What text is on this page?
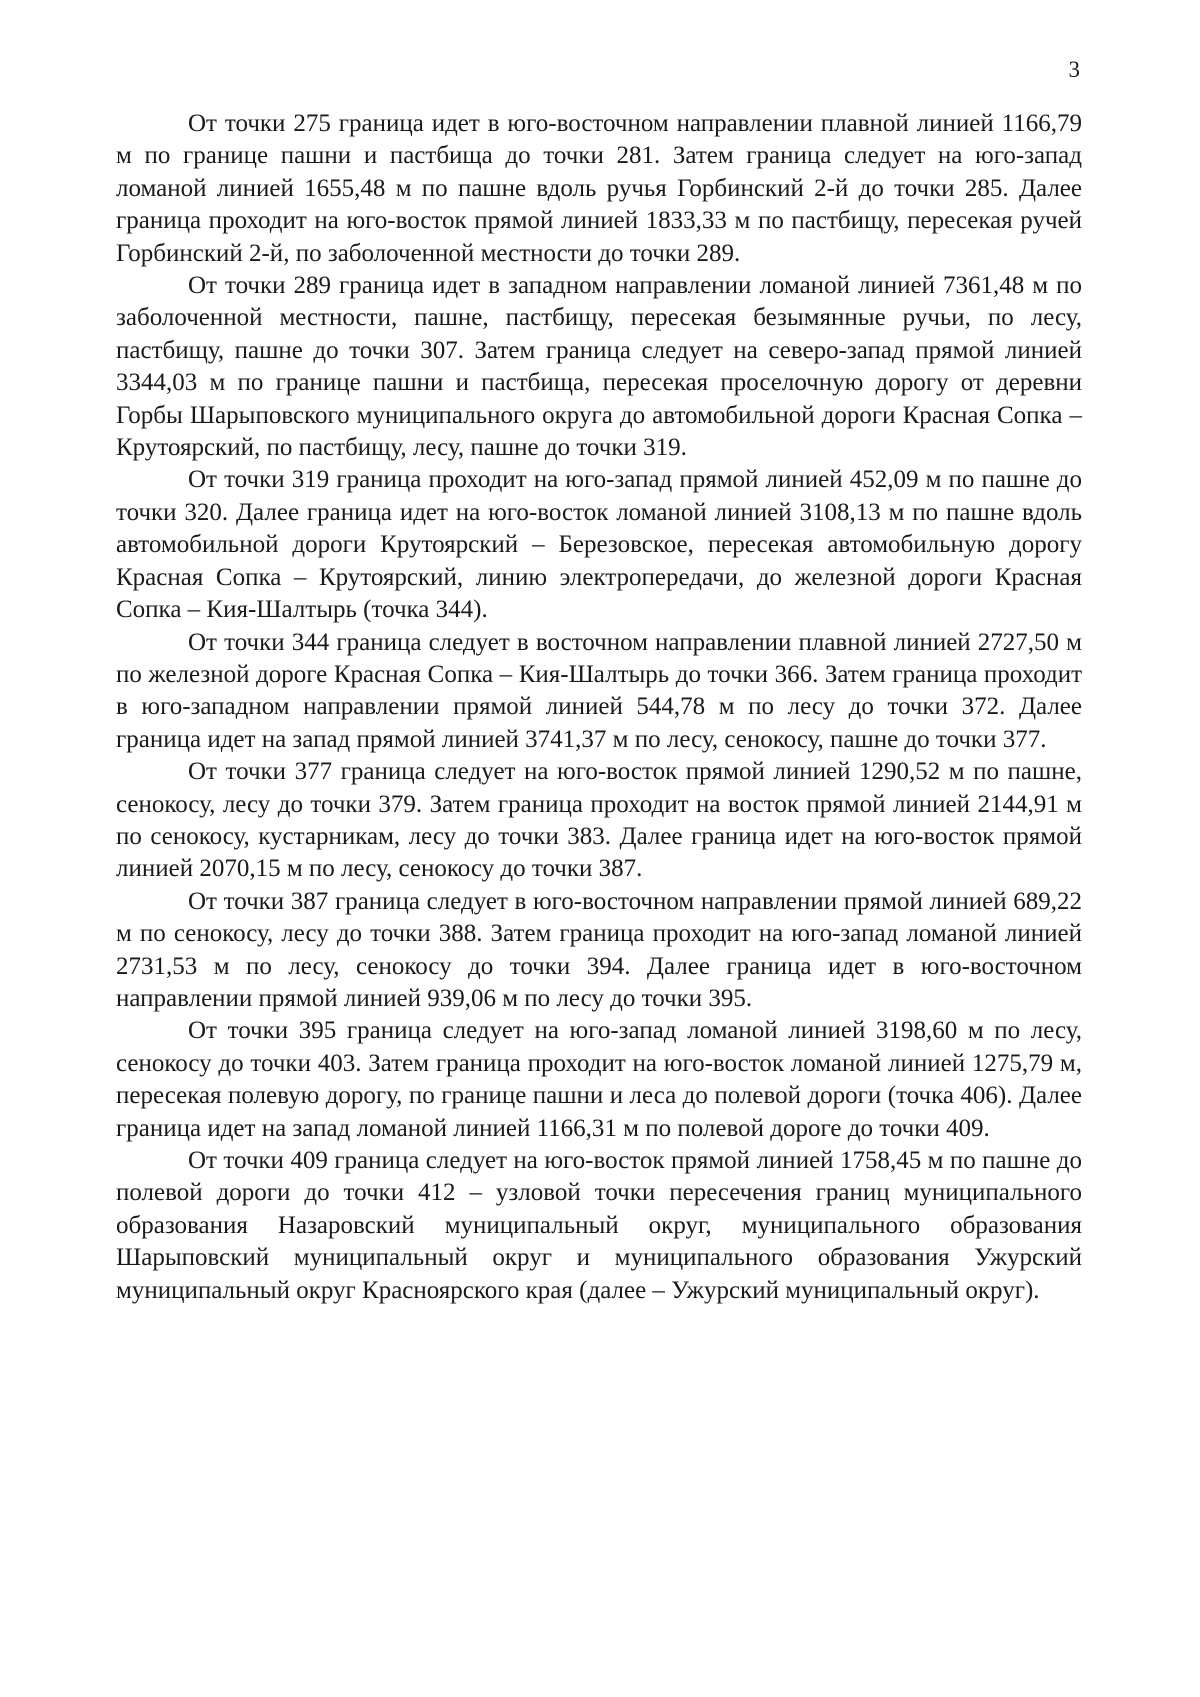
3

От точки 275 граница идет в юго-восточном направлении плавной линией 1166,79 м по границе пашни и пастбища до точки 281. Затем граница следует на юго-запад ломаной линией 1655,48 м по пашне вдоль ручья Горбинский 2-й до точки 285. Далее граница проходит на юго-восток прямой линией 1833,33 м по пастбищу, пересекая ручей Горбинский 2-й, по заболоченной местности до точки 289.

От точки 289 граница идет в западном направлении ломаной линией 7361,48 м по заболоченной местности, пашне, пастбищу, пересекая безымянные ручьи, по лесу, пастбищу, пашне до точки 307. Затем граница следует на северо-запад прямой линией 3344,03 м по границе пашни и пастбища, пересекая проселочную дорогу от деревни Горбы Шарыповского муниципального округа до автомобильной дороги Красная Сопка – Крутоярский, по пастбищу, лесу, пашне до точки 319.

От точки 319 граница проходит на юго-запад прямой линией 452,09 м по пашне до точки 320. Далее граница идет на юго-восток ломаной линией 3108,13 м по пашне вдоль автомобильной дороги Крутоярский – Березовское, пересекая автомобильную дорогу Красная Сопка – Крутоярский, линию электропередачи, до железной дороги Красная Сопка – Кия-Шалтырь (точка 344).

От точки 344 граница следует в восточном направлении плавной линией 2727,50 м по железной дороге Красная Сопка – Кия-Шалтырь до точки 366. Затем граница проходит в юго-западном направлении прямой линией 544,78 м по лесу до точки 372. Далее граница идет на запад прямой линией 3741,37 м по лесу, сенокосу, пашне до точки 377.

От точки 377 граница следует на юго-восток прямой линией 1290,52 м по пашне, сенокосу, лесу до точки 379. Затем граница проходит на восток прямой линией 2144,91 м по сенокосу, кустарникам, лесу до точки 383. Далее граница идет на юго-восток прямой линией 2070,15 м по лесу, сенокосу до точки 387.

От точки 387 граница следует в юго-восточном направлении прямой линией 689,22 м по сенокосу, лесу до точки 388. Затем граница проходит на юго-запад ломаной линией 2731,53 м по лесу, сенокосу до точки 394. Далее граница идет в юго-восточном направлении прямой линией 939,06 м по лесу до точки 395.

От точки 395 граница следует на юго-запад ломаной линией 3198,60 м по лесу, сенокосу до точки 403. Затем граница проходит на юго-восток ломаной линией 1275,79 м, пересекая полевую дорогу, по границе пашни и леса до полевой дороги (точка 406). Далее граница идет на запад ломаной линией 1166,31 м по полевой дороге до точки 409.

От точки 409 граница следует на юго-восток прямой линией 1758,45 м по пашне до полевой дороги до точки 412 – узловой точки пересечения границ муниципального образования Назаровский муниципальный округ, муниципального образования Шарыповский муниципальный округ и муниципального образования Ужурский муниципальный округ Красноярского края (далее – Ужурский муниципальный округ).
